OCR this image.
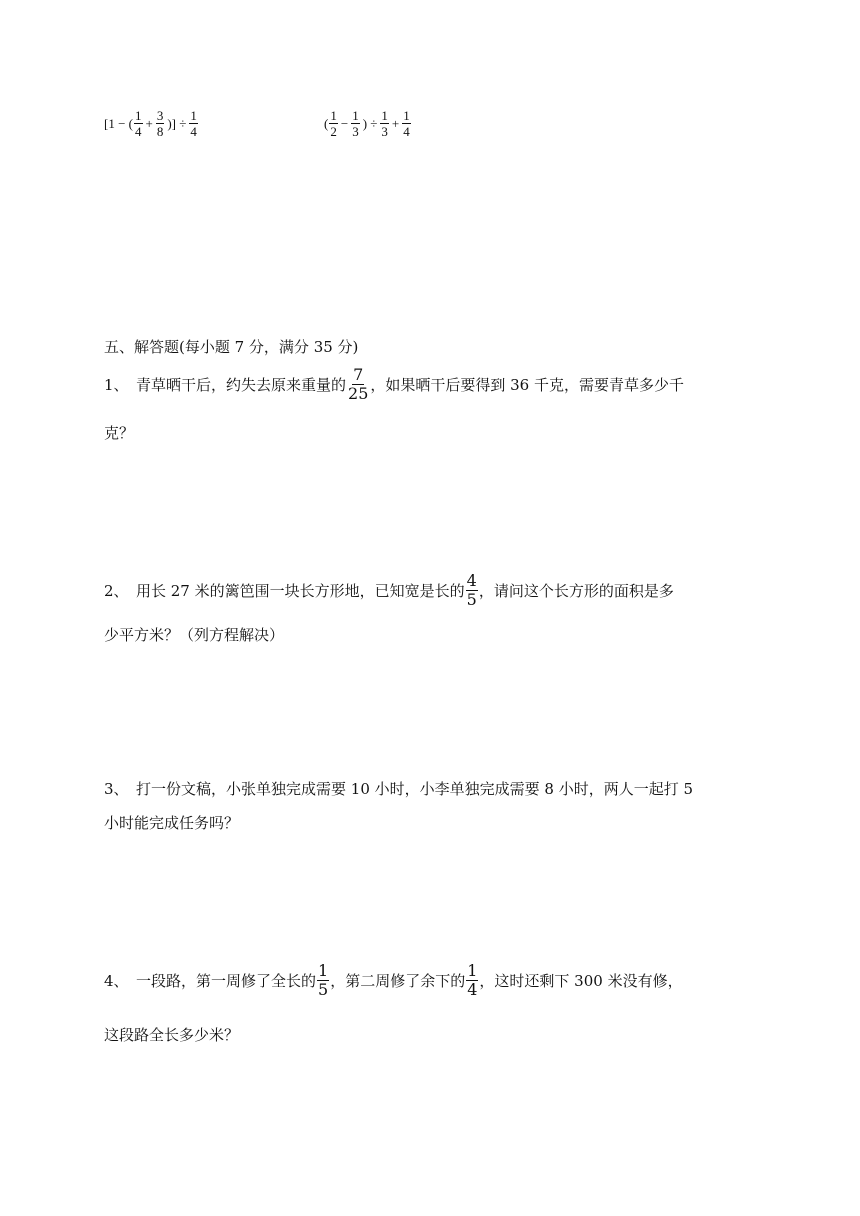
[1 − ( $\frac{1}{4} + \frac{3}{8}$ )] ÷ $\frac{1}{4}$	( $\frac{1}{2} - \frac{1}{3}$ ) ÷ $\frac{1}{3} + \frac{1}{4}$
五、解答题(每小题 7 分，满分 35 分)
1、 青草晒干后，约失去原来重量的 $\frac{7}{25}$ ，如果晒干后要得到 36 千克，需要青草多少千
克？
2、 用长 27 米的篱笆围一块长方形地，已知宽是长的 $\frac{4}{5}$ ，请问这个长方形的面积是多
少平方米？（列方程解决）
3、 打一份文稿，小张单独完成需要 10 小时，小李单独完成需要 8 小时，两人一起打 5
小时能完成任务吗？
4、 一段路，第一周修了全长的 $\frac{1}{5}$ ，第二周修了余下的 $\frac{1}{4}$ ，这时还剩下 300 米没有修，
这段路全长多少米？
